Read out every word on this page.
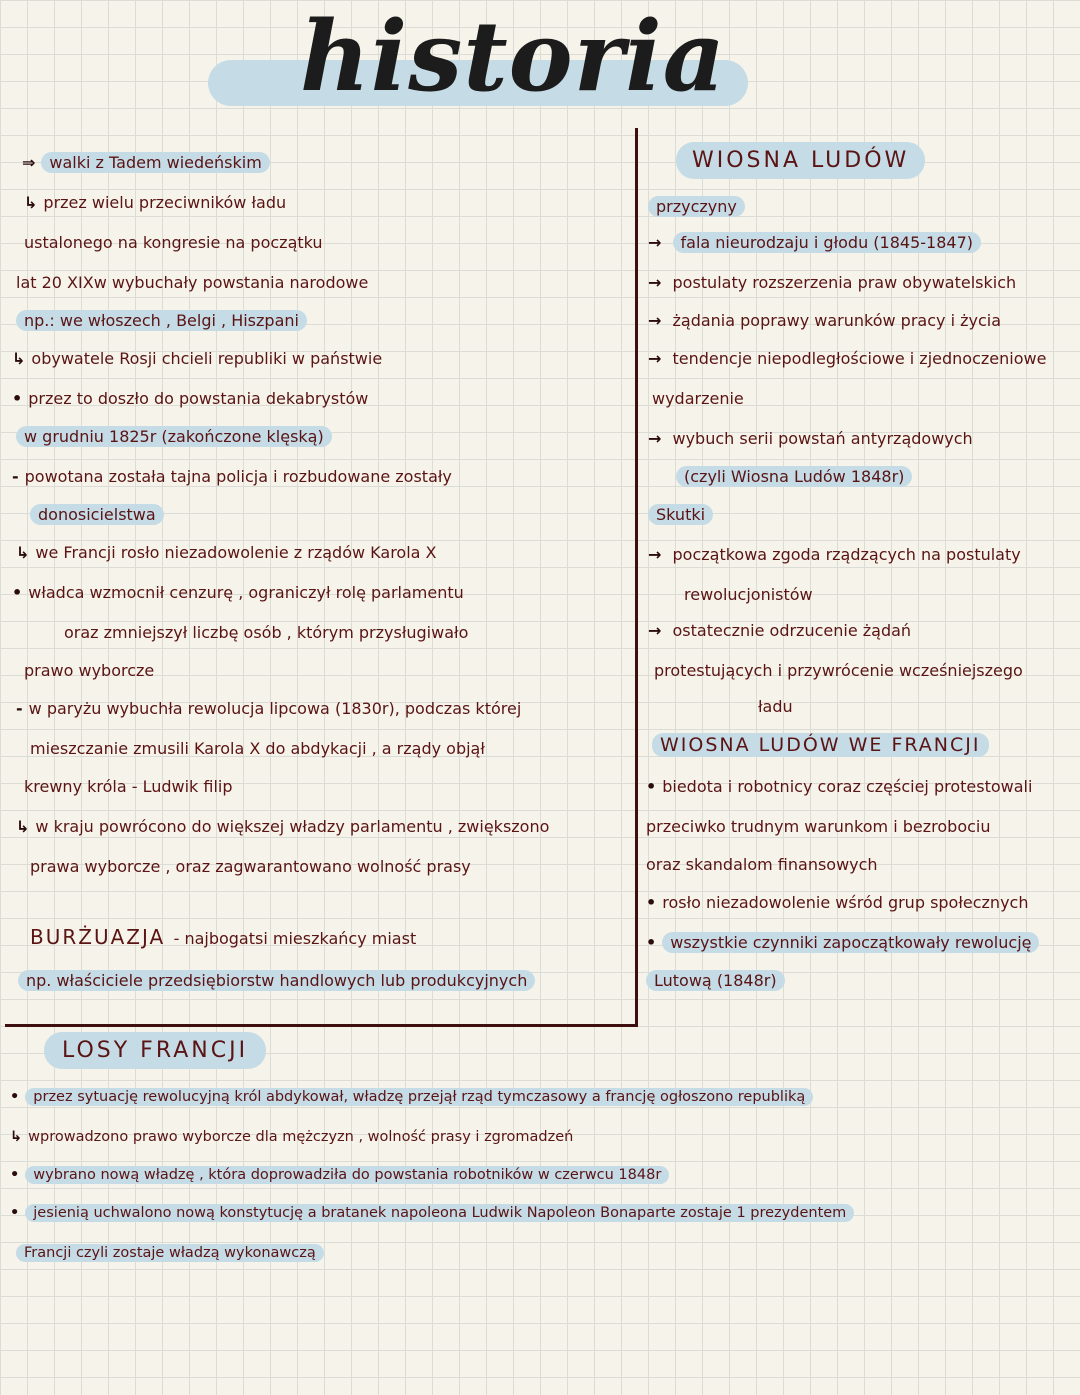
historia
⇒ walki z Tadem wiedeńskim
↳ przez wielu przeciwników ładu
ustalonego na kongresie na początku
lat 20 XIXw wybuchały powstania narodowe
np.: we włoszech , Belgi , Hiszpani
↳ obywatele Rosji chcieli republiki w państwie
• przez to doszło do powstania dekabrystów
w grudniu 1825r (zakończone klęską)
- powotana została tajna policja i rozbudowane zostały
donosicielstwa
↳ we Francji rosło niezadowolenie z rządów Karola X
• władca wzmocnił cenzurę , ograniczył rolę parlamentu
oraz zmniejszył liczbę osób , którym przysługiwało
prawo wyborcze
- w paryżu wybuchła rewolucja lipcowa (1830r), podczas której
mieszczanie zmusili Karola X do abdykacji , a rządy objął
krewny króla - Ludwik filip
↳ w kraju powrócono do większej władzy parlamentu , zwiększono
prawa wyborcze , oraz zagwarantowano wolność prasy
BURŻUAZJA - najbogatsi mieszkańcy miast
np. właściciele przedsiębiorstw handlowych lub produkcyjnych
WIOSNA LUDÓW
przyczyny
→ fala nieurodzaju i głodu (1845-1847)
→ postulaty rozszerzenia praw obywatelskich
→ żądania poprawy warunków pracy i życia
→ tendencje niepodległościowe i zjednoczeniowe
wydarzenie
→ wybuch serii powstań antyrządowych
(czyli Wiosna Ludów 1848r)
Skutki
→ początkowa zgoda rządzących na postulaty
rewolucjonistów
→ ostatecznie odrzucenie żądań
protestujących i przywrócenie wcześniejszego
ładu
WIOSNA LUDÓW WE FRANCJI
• biedota i robotnicy coraz częściej protestowali
przeciwko trudnym warunkom i bezrobociu
oraz skandalom finansowych
• rosło niezadowolenie wśród grup społecznych
• wszystkie czynniki zapoczątkowały rewolucję
Lutową (1848r)
LOSY FRANCJI
• przez sytuację rewolucyjną król abdykował, władzę przejął rząd tymczasowy a francję ogłoszono republiką
↳ wprowadzono prawo wyborcze dla mężczyzn , wolność prasy i zgromadzeń
• wybrano nową władzę , która doprowadziła do powstania robotników w czerwcu 1848r
• jesienią uchwalono nową konstytucję a bratanek napoleona Ludwik Napoleon Bonaparte zostaje 1 prezydentem
Francji czyli zostaje władzą wykonawczą
